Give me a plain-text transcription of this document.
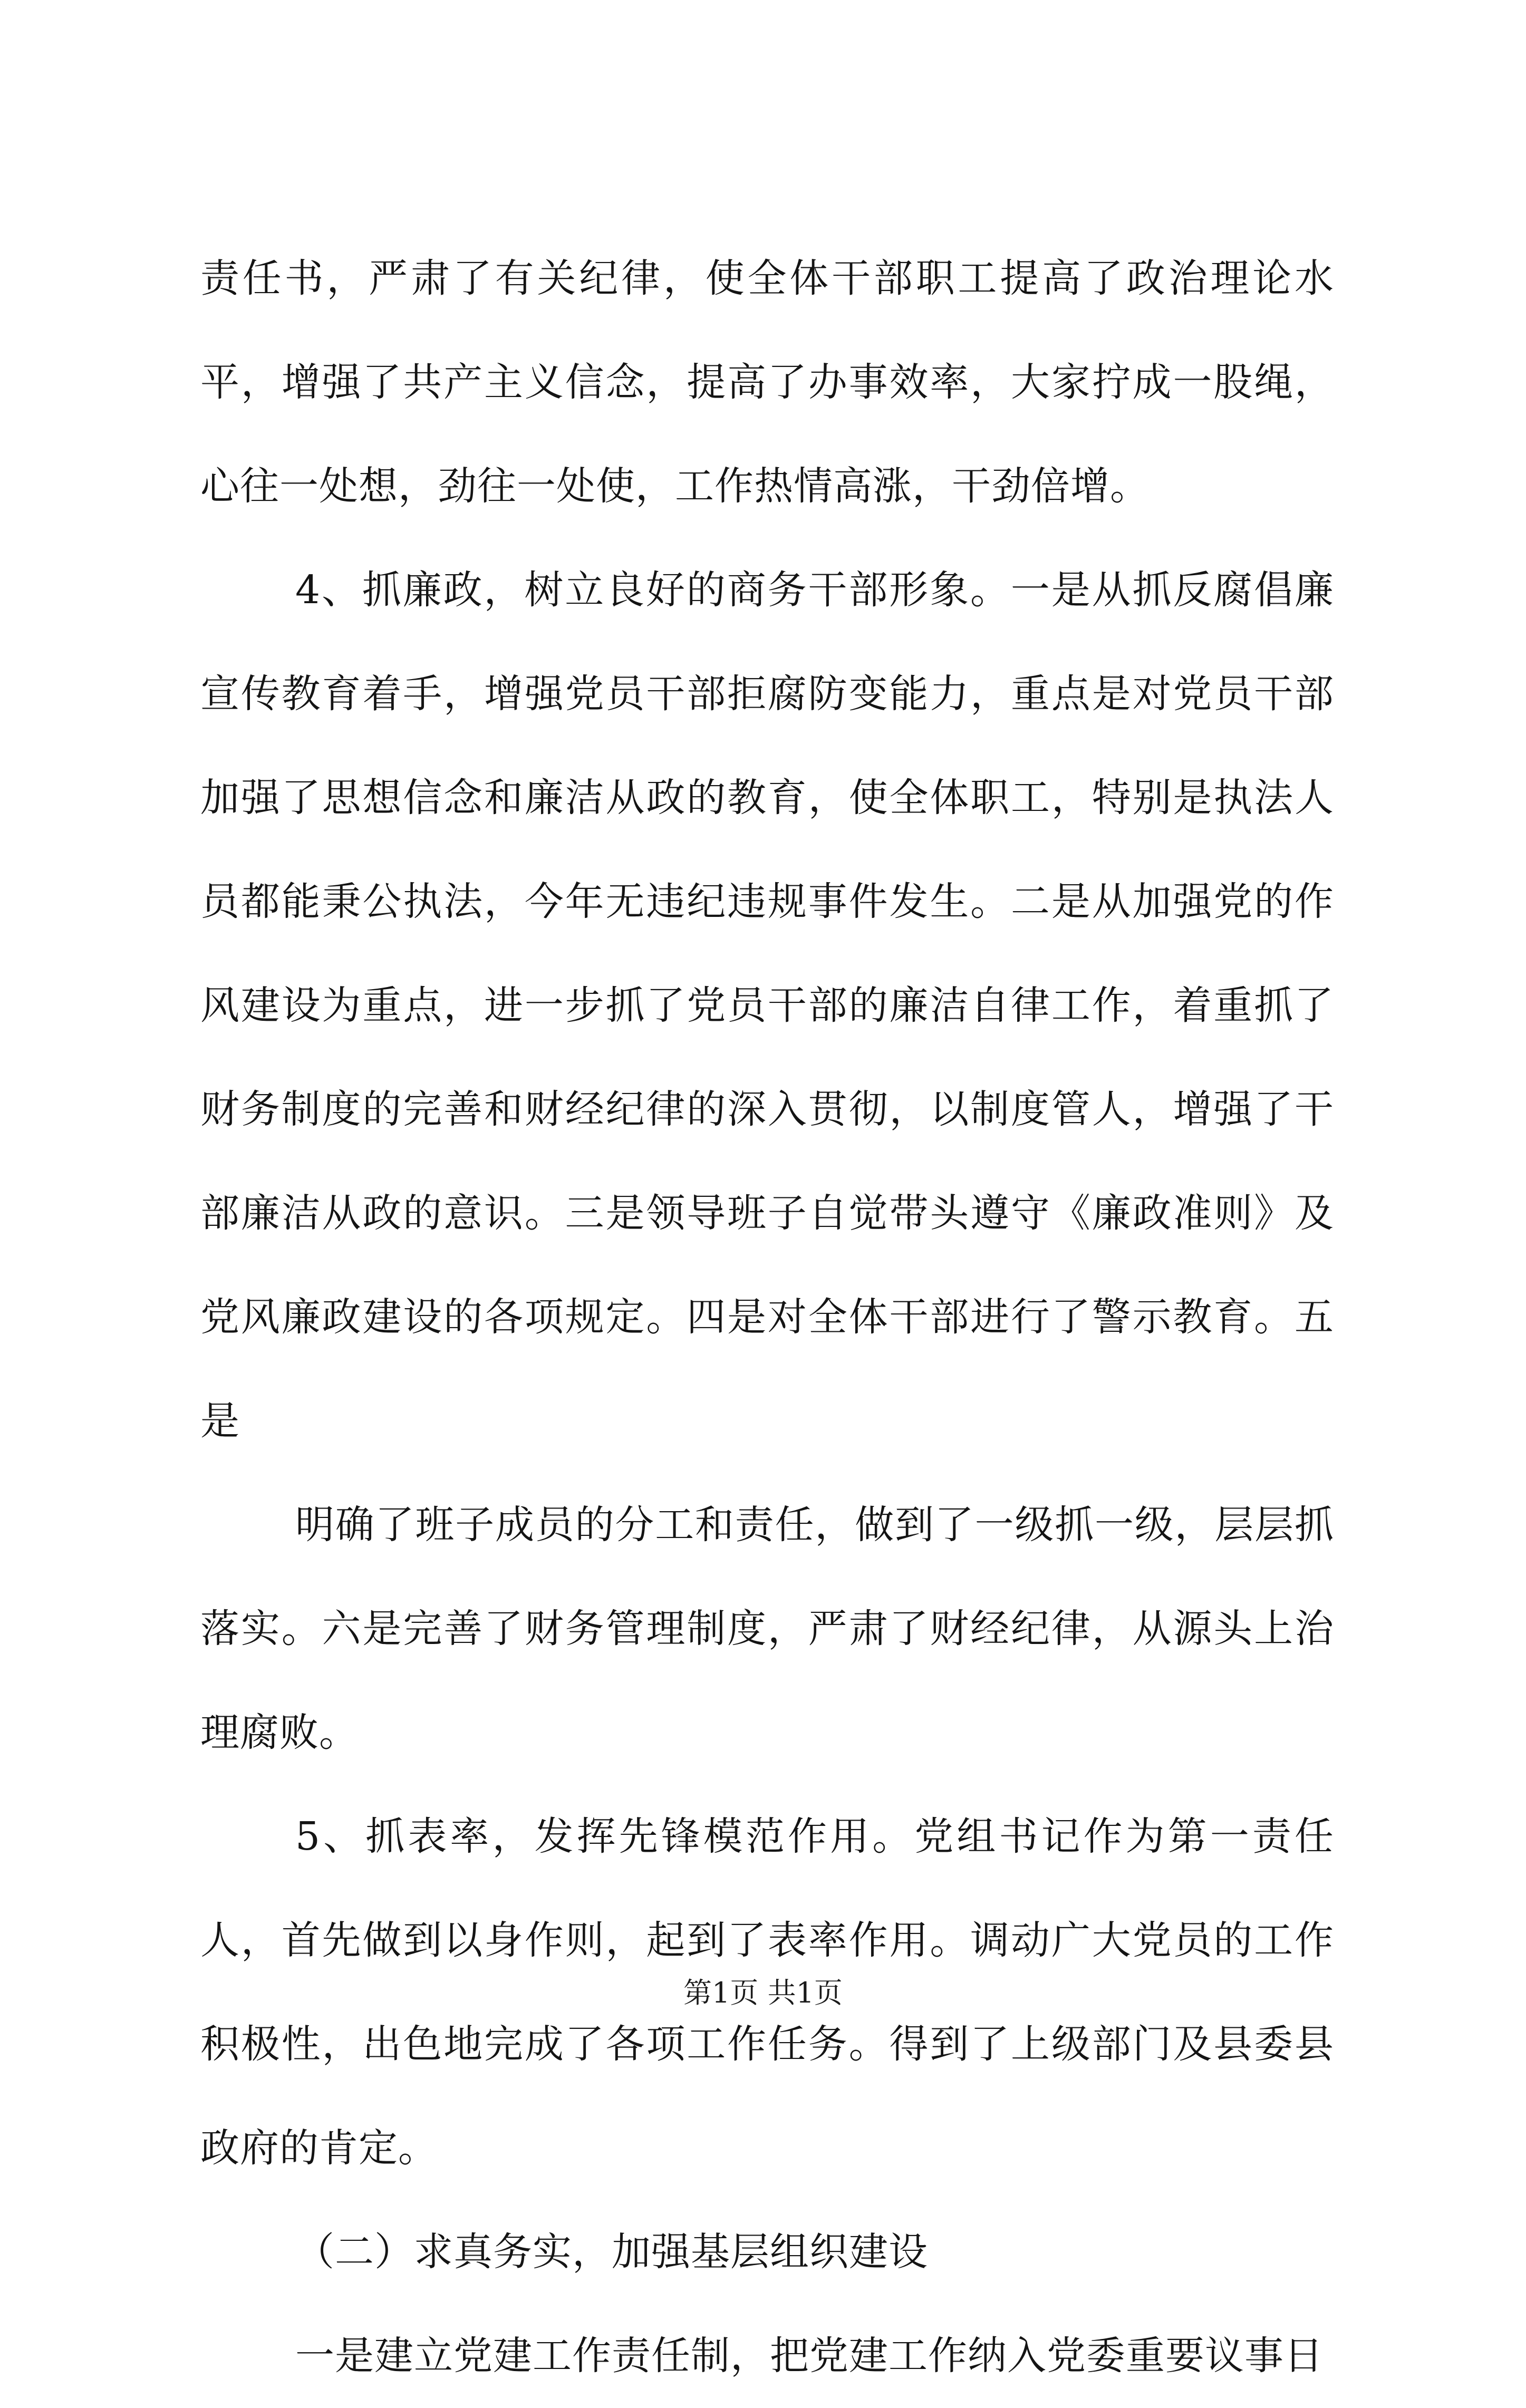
责任书，严肃了有关纪律，使全体干部职工提高了政治理论水平，增强了共产主义信念，提高了办事效率，大家拧成一股绳，心往一处想，劲往一处使，工作热情高涨，干劲倍增。

4、抓廉政，树立良好的商务干部形象。一是从抓反腐倡廉宣传教育着手，增强党员干部拒腐防变能力，重点是对党员干部加强了思想信念和廉洁从政的教育，使全体职工，特别是执法人员都能秉公执法，今年无违纪违规事件发生。二是从加强党的作风建设为重点，进一步抓了党员干部的廉洁自律工作，着重抓了财务制度的完善和财经纪律的深入贯彻，以制度管人，增强了干部廉洁从政的意识。三是领导班子自觉带头遵守《廉政准则》及党风廉政建设的各项规定。四是对全体干部进行了警示教育。五是

明确了班子成员的分工和责任，做到了一级抓一级，层层抓落实。六是完善了财务管理制度，严肃了财经纪律，从源头上治理腐败。

5、抓表率，发挥先锋模范作用。党组书记作为第一责任人，首先做到以身作则，起到了表率作用。调动广大党员的工作积极性，出色地完成了各项工作任务。得到了上级部门及县委县政府的肯定。

（二）求真务实，加强基层组织建设

一是建立党建工作责任制，把党建工作纳入党委重要议事日

第1页 共1页
